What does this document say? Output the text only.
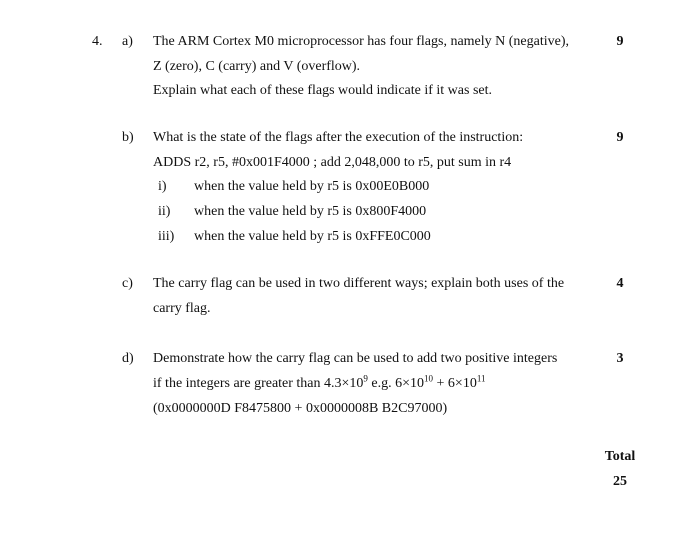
4. a) The ARM Cortex M0 microprocessor has four flags, namely N (negative),
Z (zero), C (carry) and V (overflow).
Explain what each of these flags would indicate if it was set.
9
b) What is the state of the flags after the execution of the instruction:
ADDS r2, r5, #0x001F4000 ; add 2,048,000 to r5, put sum in r4
i) when the value held by r5 is 0x00E0B000
ii) when the value held by r5 is 0x800F4000
iii) when the value held by r5 is 0xFFE0C000
9
c) The carry flag can be used in two different ways; explain both uses of the
carry flag.
4
d) Demonstrate how the carry flag can be used to add two positive integers
if the integers are greater than $4.3\times 10^9$ e.g. $6\times 10^{10} + 6\times 10^{11}$
(0x0000000D F8475800 + 0x0000008B B2C97000)
3
Total
25
